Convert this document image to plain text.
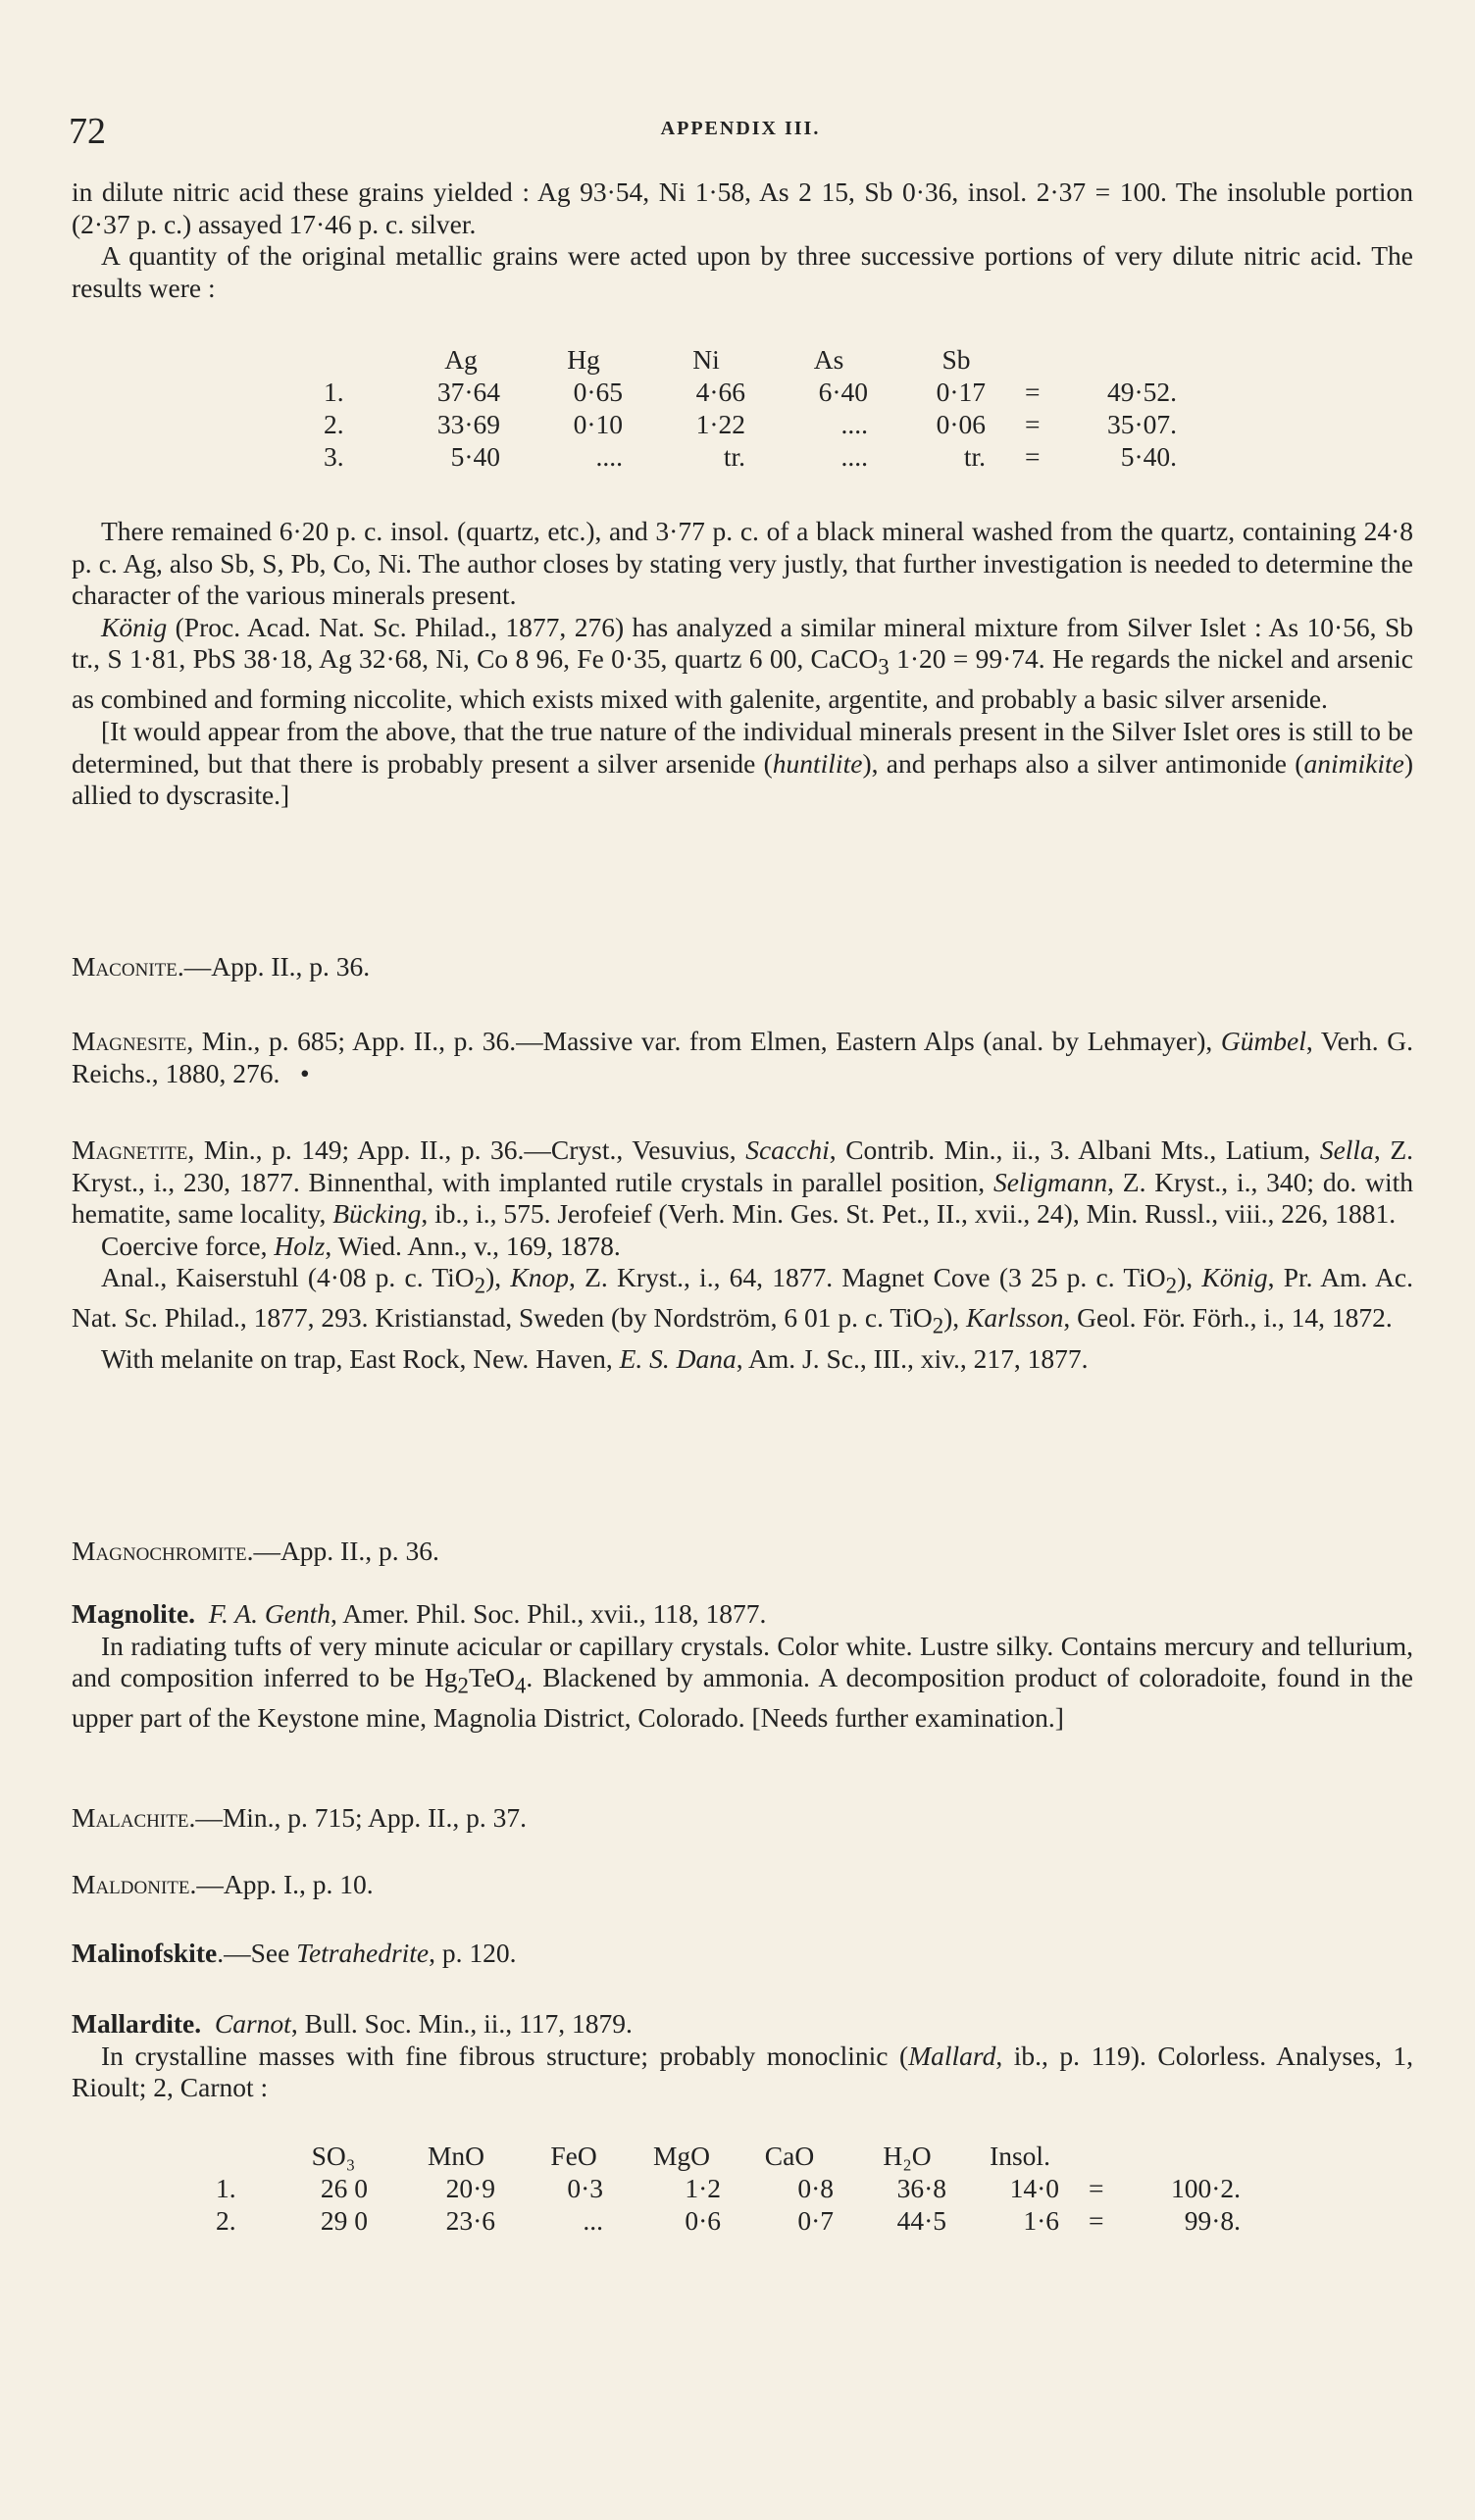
72	APPENDIX III.

in dilute nitric acid these grains yielded : Ag 93·54, Ni 1·58, As 2 15, Sb 0·36, insol. 2·37 = 100. The insoluble portion (2·37 p. c.) assayed 17·46 p. c. silver.

A quantity of the original metallic grains were acted upon by three successive portions of very dilute nitric acid. The results were :

Ag	Hg	Ni	As	Sb
1.	37·64	0·65	4·66	6·40	0·17 =	49·52.
2.	33·69	0·10	1·22	....	0·06 =	35·07.
3.	5·40	....	tr.	....	tr. =	5·40.

There remained 6·20 p. c. insol. (quartz, etc.), and 3·77 p. c. of a black mineral washed from the quartz, containing 24·8 p. c. Ag, also Sb, S, Pb, Co, Ni. The author closes by stating very justly, that further investigation is needed to determine the character of the various minerals present.

König (Proc. Acad. Nat. Sc. Philad., 1877, 276) has analyzed a similar mineral mixture from Silver Islet : As 10·56, Sb tr., S 1·81, PbS 38·18, Ag 32·68, Ni, Co 8 96, Fe 0·35, quartz 6 00, CaCO$_3$ 1·20 = 99·74. He regards the nickel and arsenic as combined and forming niccolite, which exists mixed with galenite, argentite, and probably a basic silver arsenide.

[It would appear from the above, that the true nature of the individual minerals present in the Silver Islet ores is still to be determined, but that there is probably present a silver arsenide (huntilite), and perhaps also a silver antimonide (animikite) allied to dyscrasite.]

Maconite.—App. II., p. 36.

Magnesite, Min., p. 685; App. II., p. 36.—Massive var. from Elmen, Eastern Alps (anal. by Lehmayer), Gümbel, Verh. G. Reichs., 1880, 276. •

Magnetite, Min., p. 149; App. II., p. 36.—Cryst., Vesuvius, Scacchi, Contrib. Min., ii., 3. Albani Mts., Latium, Sella, Z. Kryst., i., 230, 1877. Binnenthal, with implanted rutile crystals in parallel position, Seligmann, Z. Kryst., i., 340; do. with hematite, same locality, Bücking, ib., i., 575. Jerofeief (Verh. Min. Ges. St. Pet., II., xvii., 24), Min. Russl., viii., 226, 1881.

Coercive force, Holz, Wied. Ann., v., 169, 1878.

Anal., Kaiserstuhl (4·08 p. c. TiO$_2$), Knop, Z. Kryst., i., 64, 1877. Magnet Cove (3 25 p. c. TiO$_2$), König, Pr. Am. Ac. Nat. Sc. Philad., 1877, 293. Kristianstad, Sweden (by Nordström, 6 01 p. c. TiO$_2$), Karlsson, Geol. För. Förh., i., 14, 1872.

With melanite on trap, East Rock, New. Haven, E. S. Dana, Am. J. Sc., III., xiv., 217, 1877.

Magnochromite.—App. II., p. 36.

Magnolite. F. A. Genth, Amer. Phil. Soc. Phil., xvii., 118, 1877.

In radiating tufts of very minute acicular or capillary crystals. Color white. Lustre silky. Contains mercury and tellurium, and composition inferred to be $Hg_2TeO_4$. Blackened by ammonia. A decomposition product of coloradoite, found in the upper part of the Keystone mine, Magnolia District, Colorado. [Needs further examination.]

Malachite.—Min., p. 715; App. II., p. 37.

Maldonite.—App. I., p. 10.

Malinofskite.—See Tetrahedrite, p. 120.

Mallardite. Carnot, Bull. Soc. Min., ii., 117, 1879.

In crystalline masses with fine fibrous structure; probably monoclinic (Mallard, ib., p. 119). Colorless. Analyses, 1, Rioult; 2, Carnot :

SO₃	MnO	FeO	MgO	CaO	H₂O	Insol.
1.	26 0	20·9	0·3	1·2	0·8	36·8	14·0 =	100·2.
2.	29 0	23·6	...	0·6	0·7	44·5	1·6 =	99·8.
